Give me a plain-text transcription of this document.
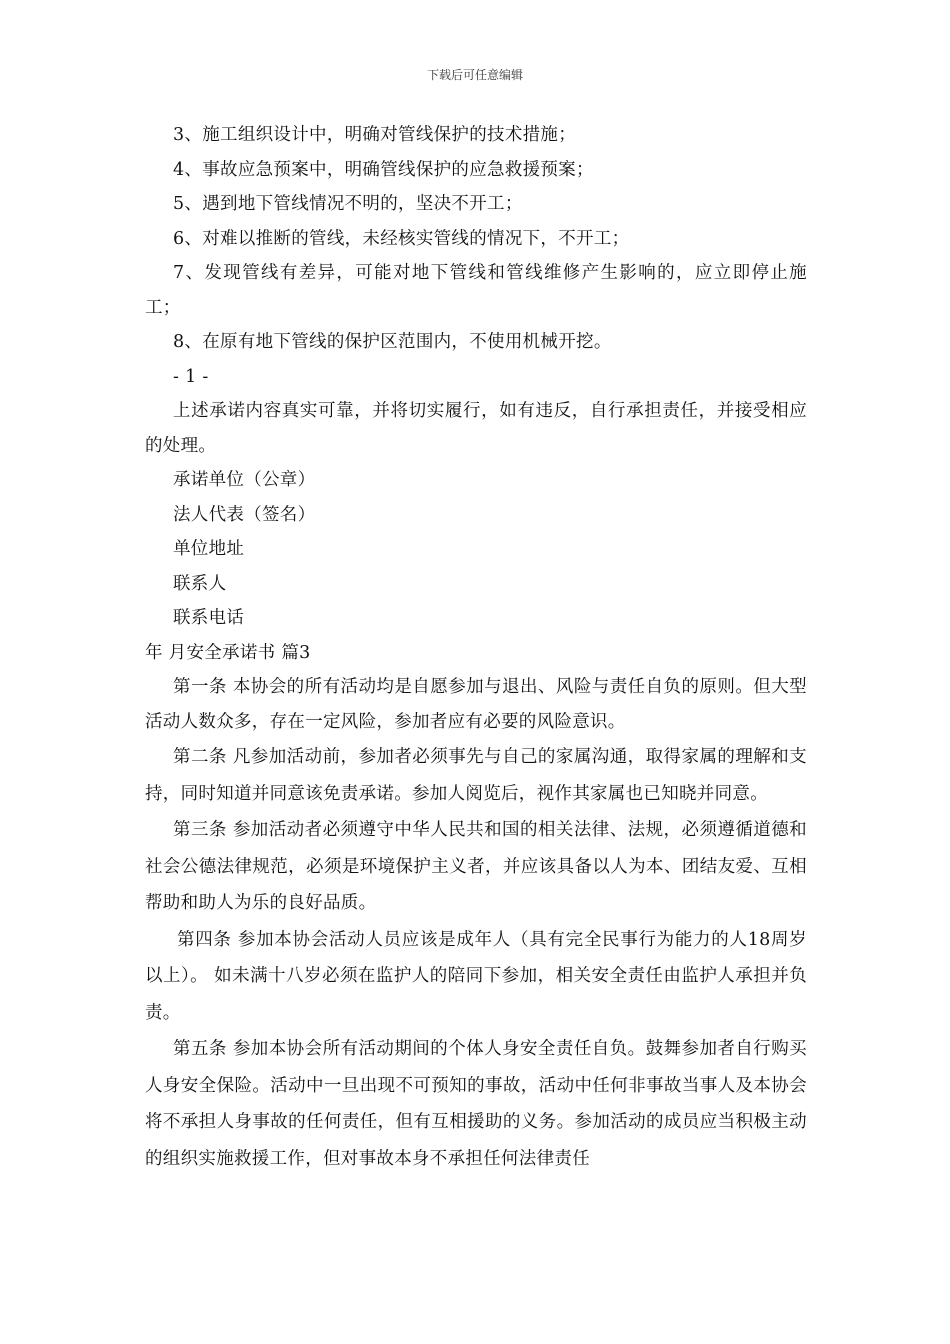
下载后可任意编辑

3、施工组织设计中，明确对管线保护的技术措施；

4、事故应急预案中，明确管线保护的应急救援预案；

5、遇到地下管线情况不明的，坚决不开工；

6、对难以推断的管线，未经核实管线的情况下，不开工；

7、发现管线有差异，可能对地下管线和管线维修产生影响的，应立即停止施工；

8、在原有地下管线的保护区范围内，不使用机械开挖。

- 1 -

上述承诺内容真实可靠，并将切实履行，如有违反，自行承担责任，并接受相应的处理。

承诺单位（公章）

法人代表（签名）

单位地址

联系人

联系电话

年 月安全承诺书 篇3

第一条 本协会的所有活动均是自愿参加与退出、风险与责任自负的原则。但大型活动人数众多，存在一定风险，参加者应有必要的风险意识。

第二条 凡参加活动前，参加者必须事先与自己的家属沟通，取得家属的理解和支持，同时知道并同意该免责承诺。参加人阅览后，视作其家属也已知晓并同意。

第三条 参加活动者必须遵守中华人民共和国的相关法律、法规，必须遵循道德和社会公德法律规范，必须是环境保护主义者，并应该具备以人为本、团结友爱、互相帮助和助人为乐的良好品质。

第四条 参加本协会活动人员应该是成年人（具有完全民事行为能力的人18周岁以上）。 如未满十八岁必须在监护人的陪同下参加，相关安全责任由监护人承担并负责。

第五条 参加本协会所有活动期间的个体人身安全责任自负。鼓舞参加者自行购买人身安全保险。活动中一旦出现不可预知的事故，活动中任何非事故当事人及本协会将不承担人身事故的任何责任，但有互相援助的义务。参加活动的成员应当积极主动的组织实施救援工作，但对事故本身不承担任何法律责任
